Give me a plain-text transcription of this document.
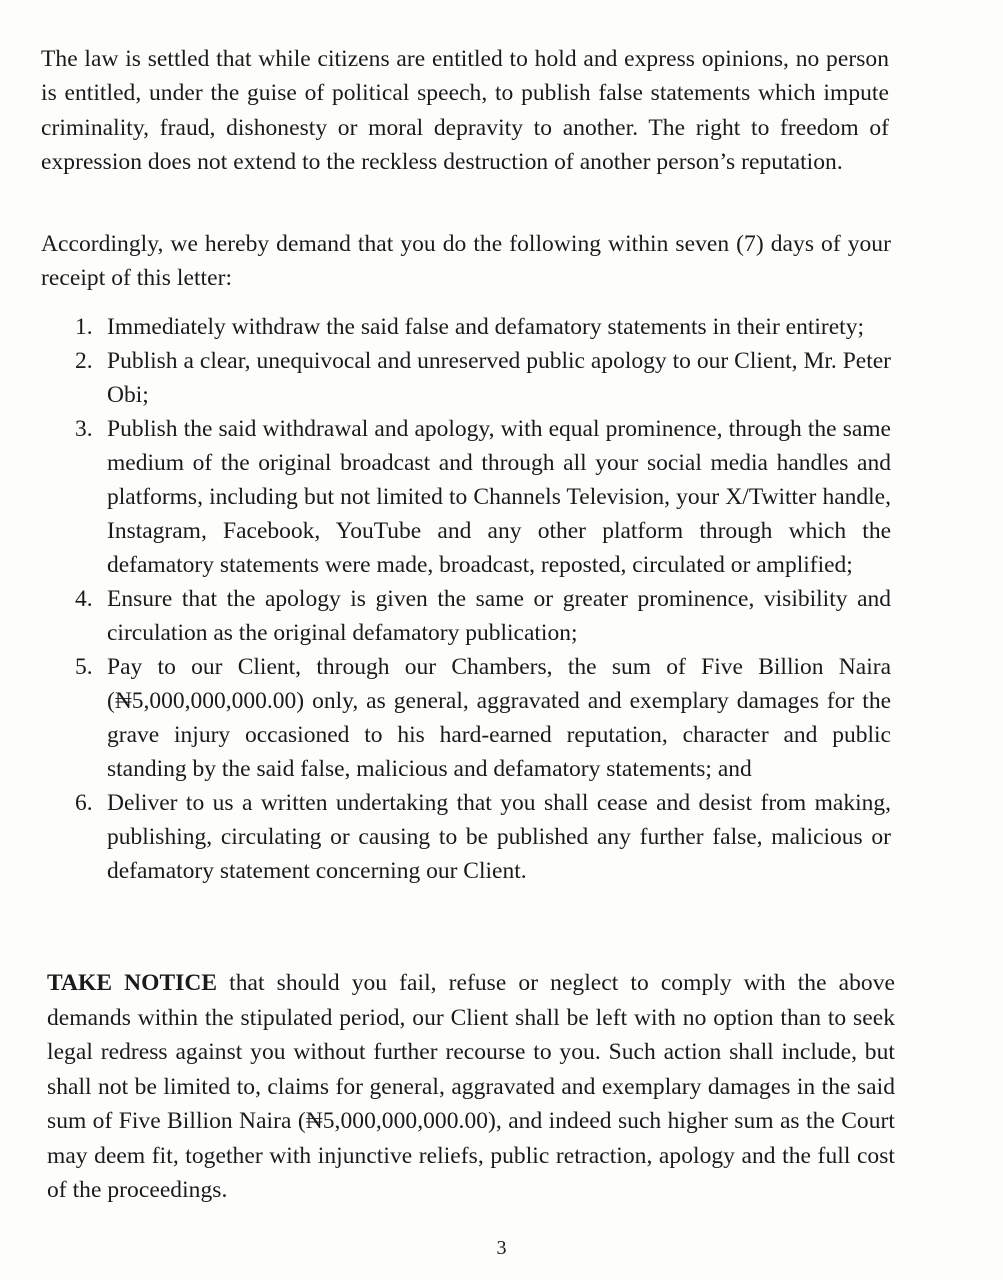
The law is settled that while citizens are entitled to hold and express opinions, no person is entitled, under the guise of political speech, to publish false statements which impute criminality, fraud, dishonesty or moral depravity to another. The right to freedom of expression does not extend to the reckless destruction of another person’s reputation.

Accordingly, we hereby demand that you do the following within seven (7) days of your receipt of this letter:

1. Immediately withdraw the said false and defamatory statements in their entirety;
2. Publish a clear, unequivocal and unreserved public apology to our Client, Mr. Peter Obi;
3. Publish the said withdrawal and apology, with equal prominence, through the same medium of the original broadcast and through all your social media handles and platforms, including but not limited to Channels Television, your X/Twitter handle, Instagram, Facebook, YouTube and any other platform through which the defamatory statements were made, broadcast, reposted, circulated or amplified;
4. Ensure that the apology is given the same or greater prominence, visibility and circulation as the original defamatory publication;
5. Pay to our Client, through our Chambers, the sum of Five Billion Naira (₦5,000,000,000.00) only, as general, aggravated and exemplary damages for the grave injury occasioned to his hard-earned reputation, character and public standing by the said false, malicious and defamatory statements; and
6. Deliver to us a written undertaking that you shall cease and desist from making, publishing, circulating or causing to be published any further false, malicious or defamatory statement concerning our Client.

TAKE NOTICE that should you fail, refuse or neglect to comply with the above demands within the stipulated period, our Client shall be left with no option than to seek legal redress against you without further recourse to you. Such action shall include, but shall not be limited to, claims for general, aggravated and exemplary damages in the said sum of Five Billion Naira (₦5,000,000,000.00), and indeed such higher sum as the Court may deem fit, together with injunctive reliefs, public retraction, apology and the full cost of the proceedings.

3
